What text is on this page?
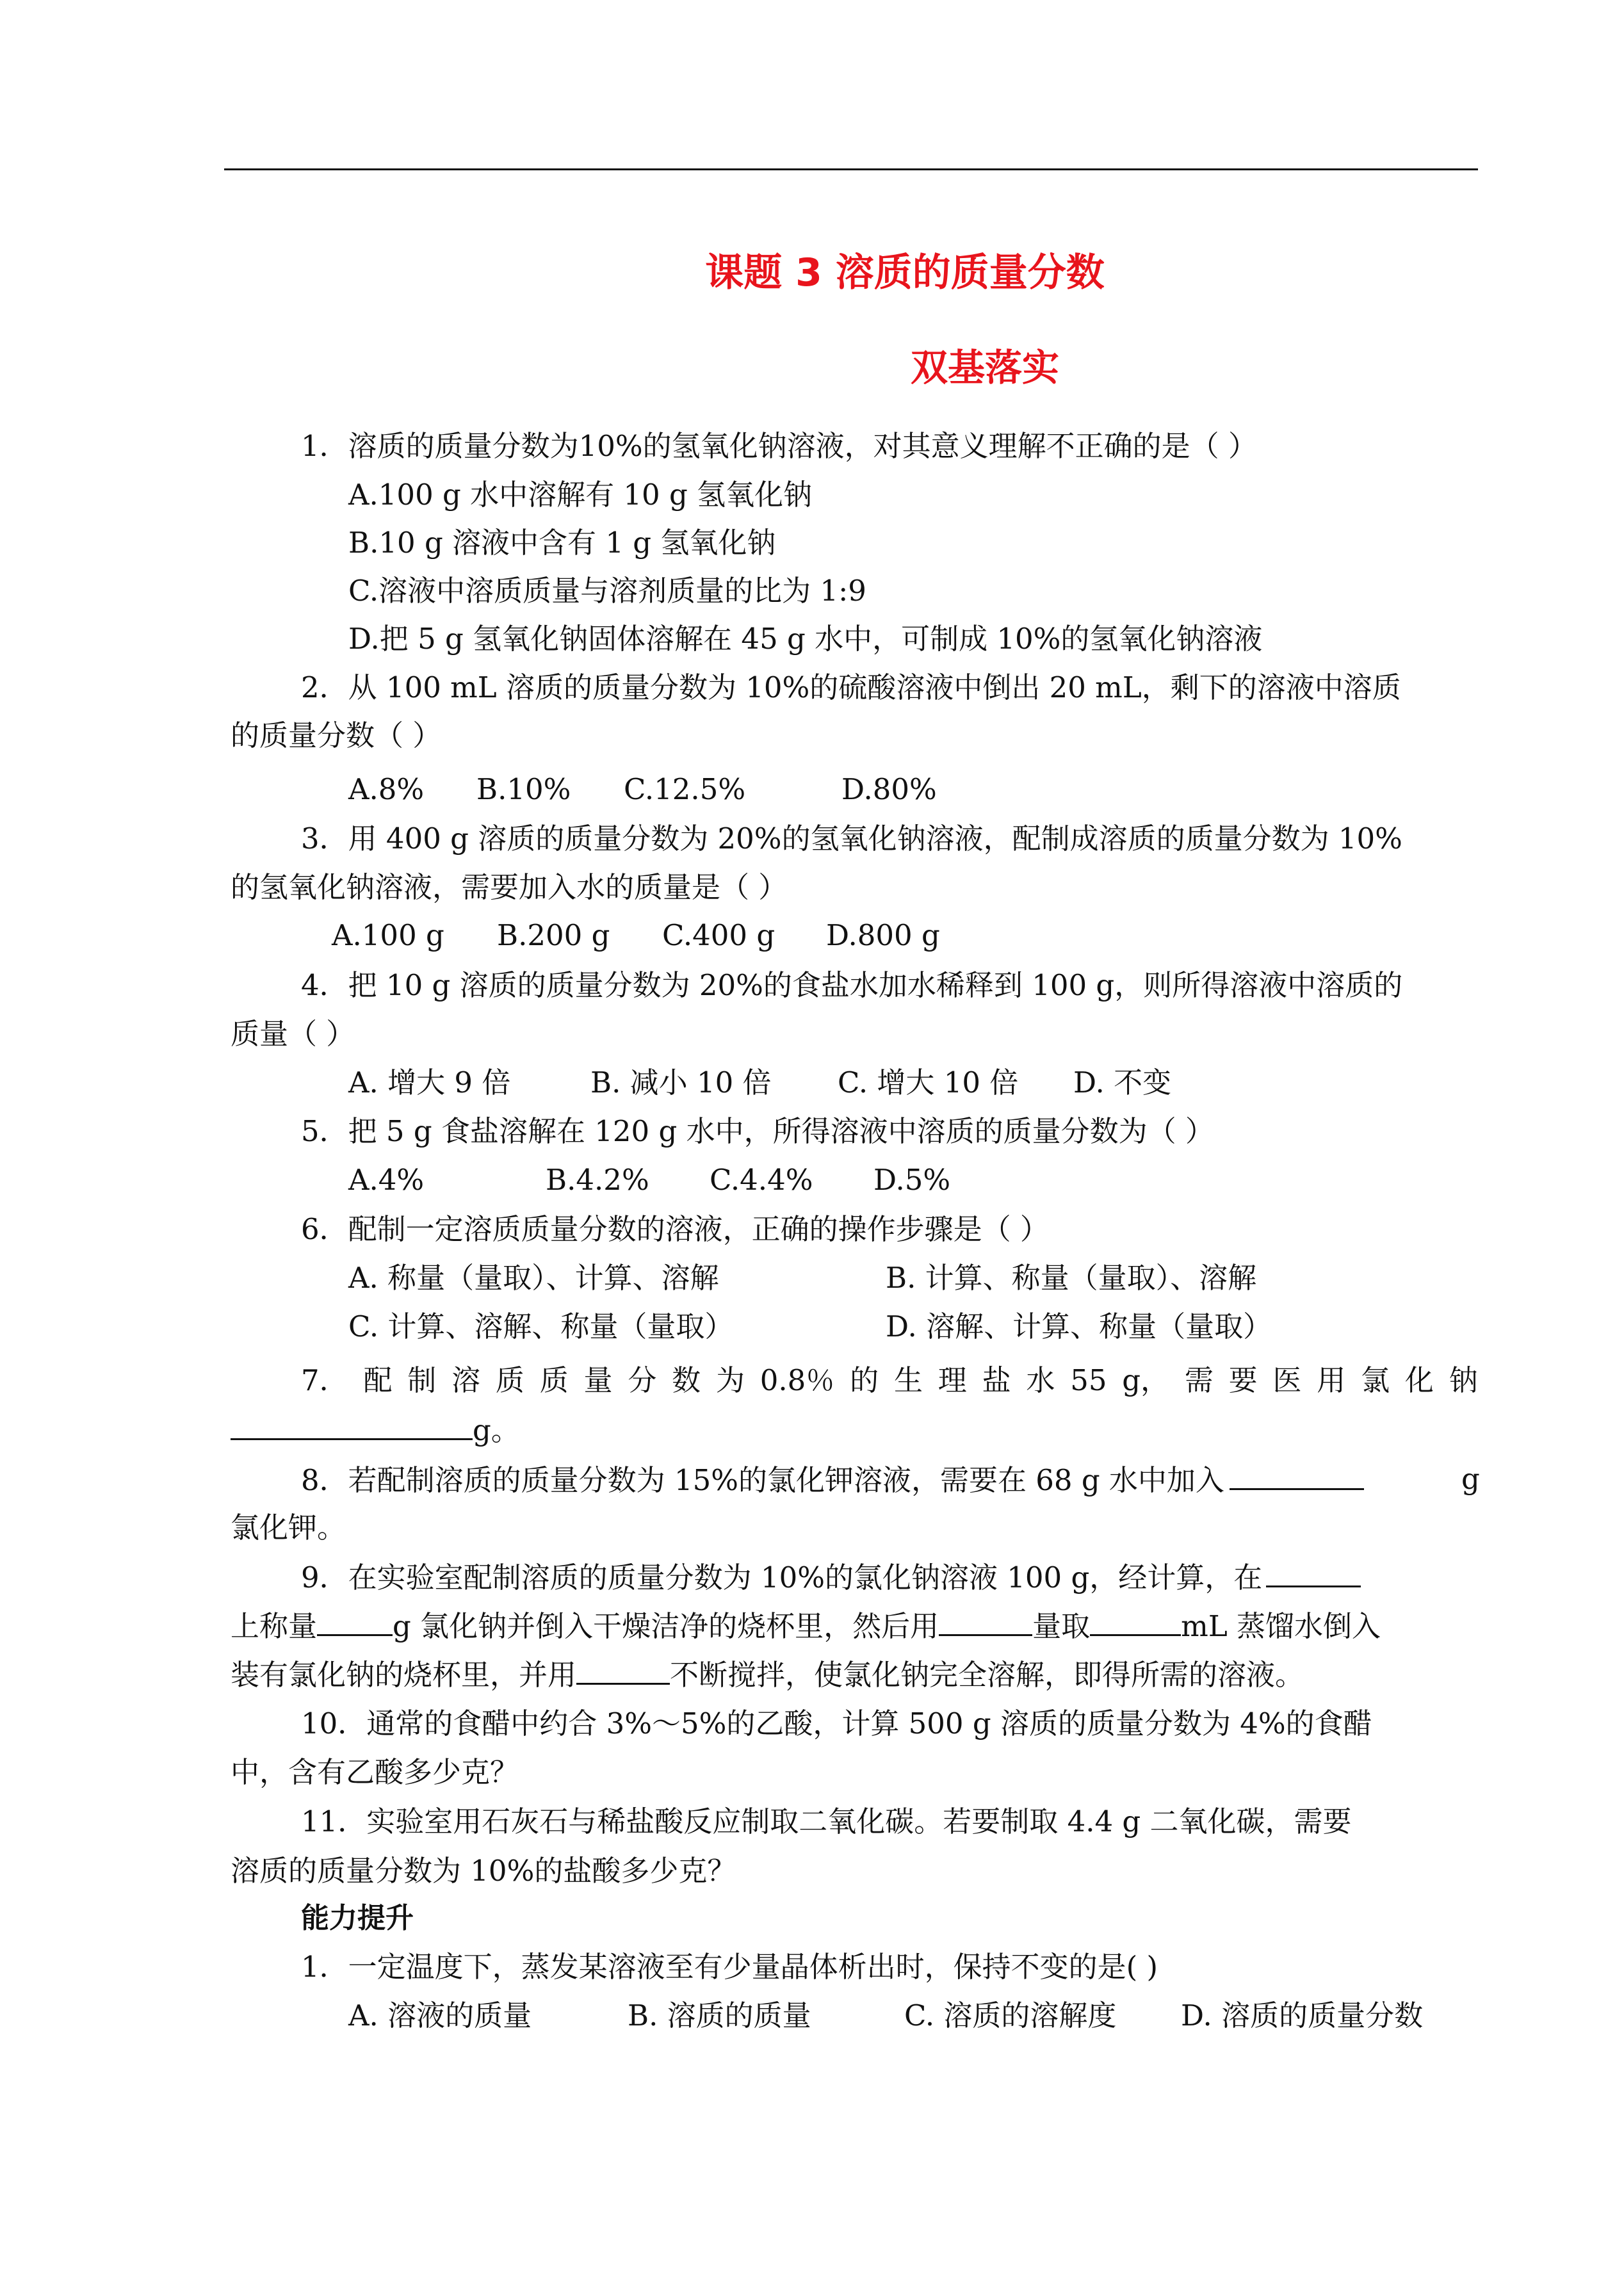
课题 3 溶质的质量分数
双基落实
1．溶质的质量分数为10%的氢氧化钠溶液，对其意义理解不正确的是（ ）
A.100 g 水中溶解有 10 g 氢氧化钠
B.10 g 溶液中含有 1 g 氢氧化钠
C.溶液中溶质质量与溶剂质量的比为 1:9
D.把 5 g 氢氧化钠固体溶解在 45 g 水中，可制成 10%的氢氧化钠溶液
2．从 100 mL 溶质的质量分数为 10%的硫酸溶液中倒出 20 mL，剩下的溶液中溶质
的质量分数（ ）
A.8% B.10% C.12.5%	D.80%
3．用 400 g 溶质的质量分数为 20%的氢氧化钠溶液，配制成溶质的质量分数为 10%
的氢氧化钠溶液，需要加入水的质量是（ ）
A.100 g B.200 g C.400 g D.800 g
4．把 10 g 溶质的质量分数为 20%的食盐水加水稀释到 100 g，则所得溶液中溶质的
质量（ ）
A. 增大 9 倍	B. 减小 10 倍 C. 增大 10 倍 D. 不变
5．把 5 g 食盐溶解在 120 g 水中，所得溶液中溶质的质量分数为（ ）
A.4%	B.4.2% C.4.4% D.5%
6．配制一定溶质质量分数的溶液，正确的操作步骤是（ ）
A. 称量（量取）、计算、溶解	B. 计算、称量（量取）、溶解
C. 计算、溶解、称量（量取）	D. 溶解、计算、称量（量取）
7． 配 制 溶 质 质 量 分 数 为 0.8％ 的 生 理 盐 水 55 g， 需 要 医 用 氯 化 钠
g。
8．若配制溶质的质量分数为 15%的氯化钾溶液，需要在 68 g 水中加入	g
氯化钾。
9．在实验室配制溶质的质量分数为 10%的氯化钠溶液 100 g，经计算，在
上称量	g 氯化钠并倒入干燥洁净的烧杯里，然后用	量取	mL 蒸馏水倒入
装有氯化钠的烧杯里，并用	不断搅拌，使氯化钠完全溶解，即得所需的溶液。
10．通常的食醋中约合 3%～5%的乙酸，计算 500 g 溶质的质量分数为 4%的食醋
中，含有乙酸多少克？
11．实验室用石灰石与稀盐酸反应制取二氧化碳。若要制取 4.4 g 二氧化碳，需要
溶质的质量分数为 10%的盐酸多少克？
能力提升
1．一定温度下，蒸发某溶液至有少量晶体析出时，保持不变的是( )
A. 溶液的质量	B. 溶质的质量	C. 溶质的溶解度 D. 溶质的质量分数
